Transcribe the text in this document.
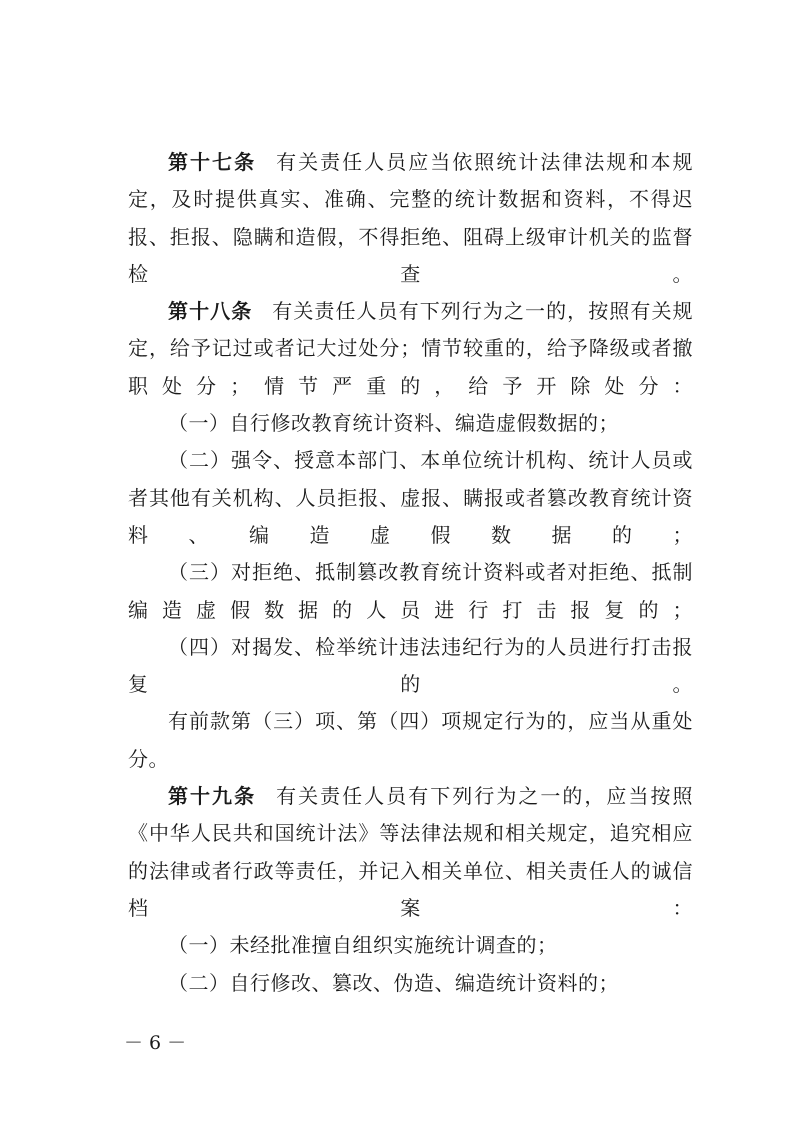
第十七条 有关责任人员应当依照统计法律法规和本规定，及时提供真实、准确、完整的统计数据和资料，不得迟报、拒报、隐瞒和造假，不得拒绝、阻碍上级审计机关的监督检查。

第十八条 有关责任人员有下列行为之一的，按照有关规定，给予记过或者记大过处分；情节较重的，给予降级或者撤职处分；情节严重的，给予开除处分：

（一）自行修改教育统计资料、编造虚假数据的；

（二）强令、授意本部门、本单位统计机构、统计人员或者其他有关机构、人员拒报、虚报、瞒报或者篡改教育统计资料、编造虚假数据的；

（三）对拒绝、抵制篡改教育统计资料或者对拒绝、抵制编造虚假数据的人员进行打击报复的；

（四）对揭发、检举统计违法违纪行为的人员进行打击报复的。

有前款第（三）项、第（四）项规定行为的，应当从重处分。

第十九条 有关责任人员有下列行为之一的，应当按照《中华人民共和国统计法》等法律法规和相关规定，追究相应的法律或者行政等责任，并记入相关单位、相关责任人的诚信档案：

（一）未经批准擅自组织实施统计调查的；

（二）自行修改、篡改、伪造、编造统计资料的；

－ 6 －
